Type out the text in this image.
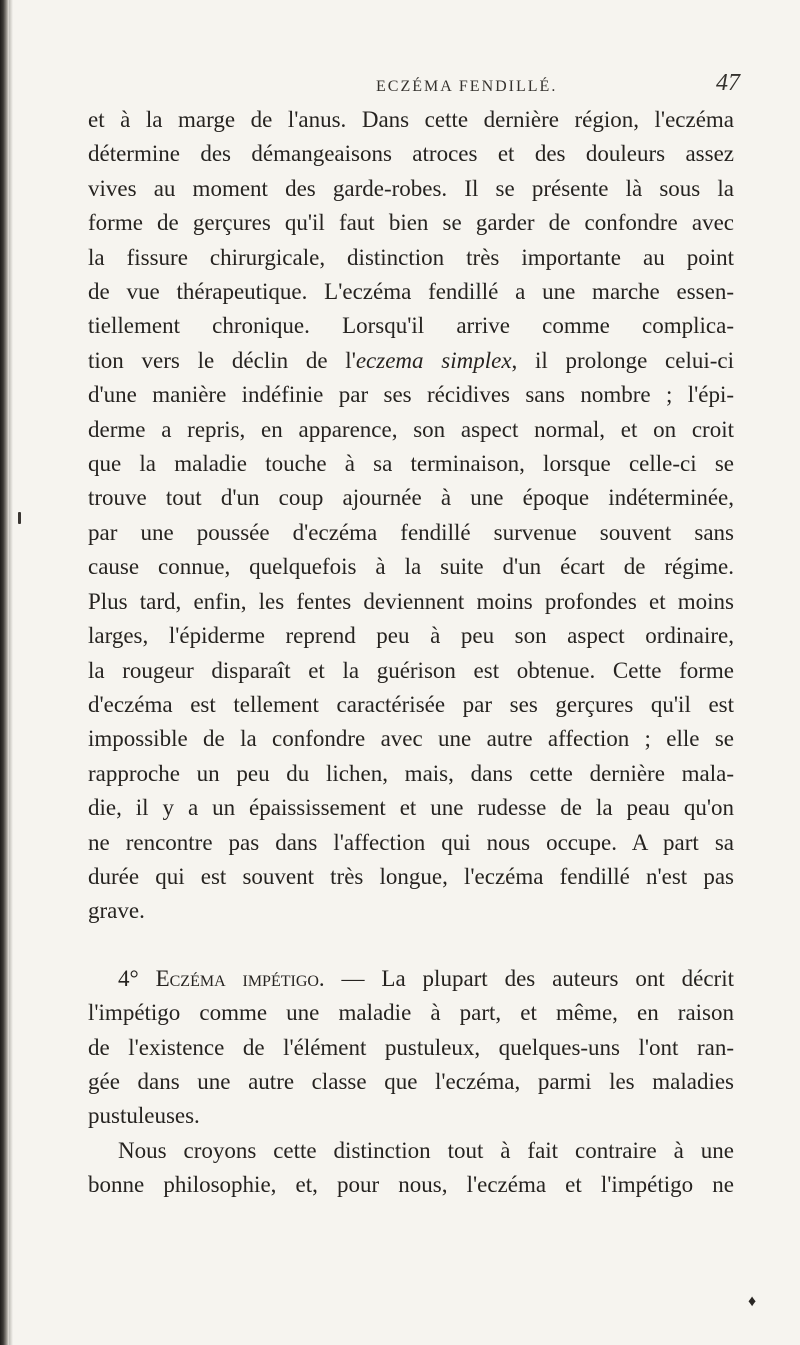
ECZÉMA FENDILLÉ.	47
et à la marge de l'anus. Dans cette dernière région, l'eczéma
détermine des démangeaisons atroces et des douleurs assez
vives au moment des garde-robes. Il se présente là sous la
forme de gerçures qu'il faut bien se garder de confondre avec
la fissure chirurgicale, distinction très importante au point
de vue thérapeutique. L'eczéma fendillé a une marche essen-
tiellement chronique. Lorsqu'il arrive comme complica-
tion vers le déclin de l'eczema simplex, il prolonge celui-ci
d'une manière indéfinie par ses récidives sans nombre ; l'épi-
derme a repris, en apparence, son aspect normal, et on croit
que la maladie touche à sa terminaison, lorsque celle-ci se
trouve tout d'un coup ajournée à une époque indéterminée,
par une poussée d'eczéma fendillé survenue souvent sans
cause connue, quelquefois à la suite d'un écart de régime.
Plus tard, enfin, les fentes deviennent moins profondes et moins
larges, l'épiderme reprend peu à peu son aspect ordinaire,
la rougeur disparaît et la guérison est obtenue. Cette forme
d'eczéma est tellement caractérisée par ses gerçures qu'il est
impossible de la confondre avec une autre affection ; elle se
rapproche un peu du lichen, mais, dans cette dernière mala-
die, il y a un épaississement et une rudesse de la peau qu'on
ne rencontre pas dans l'affection qui nous occupe. A part sa
durée qui est souvent très longue, l'eczéma fendillé n'est pas
grave.
4° Eczéma impétigo. — La plupart des auteurs ont décrit
l'impétigo comme une maladie à part, et même, en raison
de l'existence de l'élément pustuleux, quelques-uns l'ont ran-
gée dans une autre classe que l'eczéma, parmi les maladies
pustuleuses.
Nous croyons cette distinction tout à fait contraire à une
bonne philosophie, et, pour nous, l'eczéma et l'impétigo ne
♦
